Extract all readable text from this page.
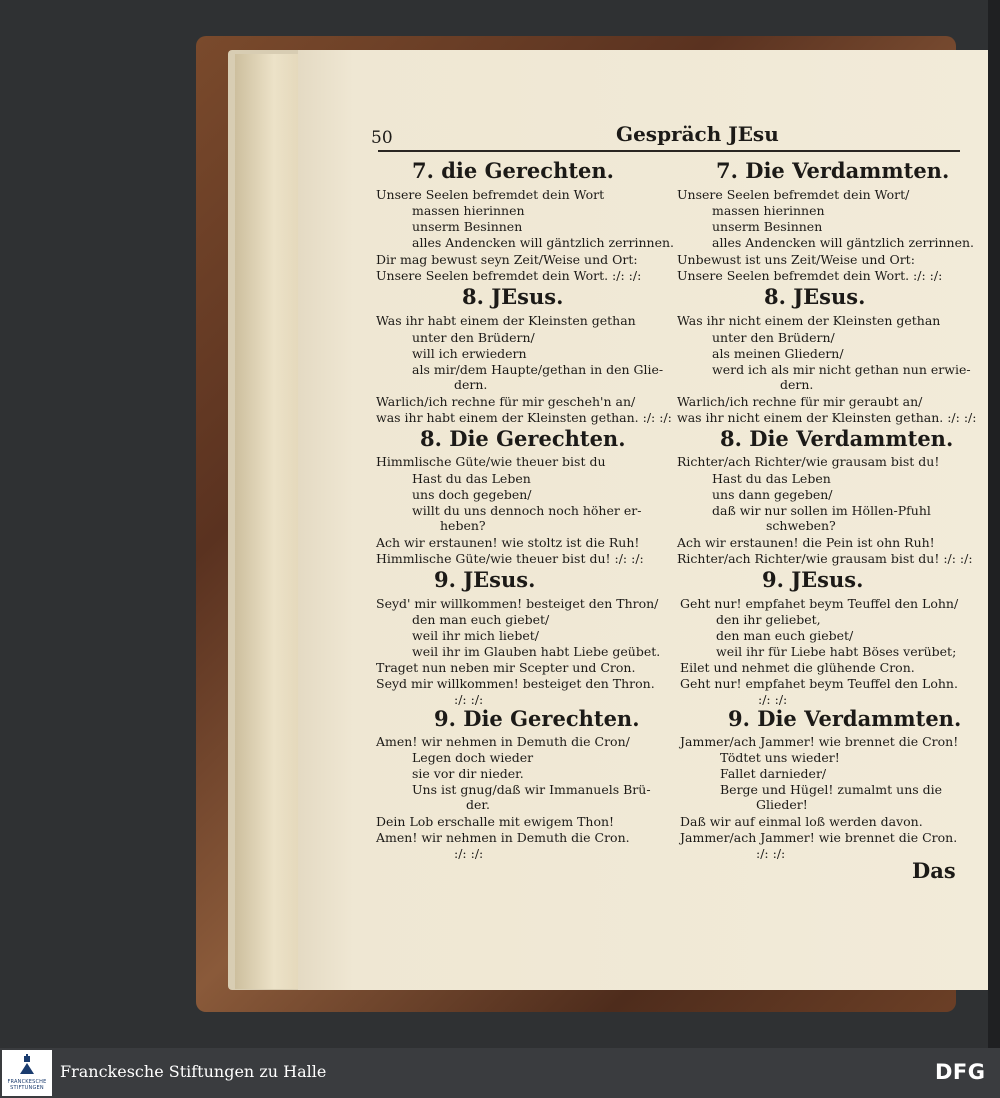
50	Gespräch JEsu
7. die Gerechten.
Unsere Seelen befremdet dein Wort
massen hierinnen
unserm Besinnen
alles Andencken will gäntzlich zerrinnen.
Dir mag bewust seyn Zeit/Weise und Ort:
Unsere Seelen befremdet dein Wort. :/: :/:
8. JEsus.
Was ihr habt einem der Kleinsten gethan
unter den Brüdern/
will ich erwiedern
als mir/dem Haupte/gethan in den Glie-
dern.
Warlich/ich rechne für mir gescheh'n an/
was ihr habt einem der Kleinsten gethan. :/: :/:
8. Die Gerechten.
Himmlische Güte/wie theuer bist du
Hast du das Leben
uns doch gegeben/
willt du uns dennoch noch höher er-
heben?
Ach wir erstaunen! wie stoltz ist die Ruh!
Himmlische Güte/wie theuer bist du! :/: :/:
9. JEsus.
Seyd' mir willkommen! besteiget den Thron/
den man euch giebet/
weil ihr mich liebet/
weil ihr im Glauben habt Liebe geübet.
Traget nun neben mir Scepter und Cron.
Seyd mir willkommen! besteiget den Thron.
:/: :/:
9. Die Gerechten.
Amen! wir nehmen in Demuth die Cron/
Legen doch wieder
sie vor dir nieder.
Uns ist gnug/daß wir Immanuels Brü-
der.
Dein Lob erschalle mit ewigem Thon!
Amen! wir nehmen in Demuth die Cron.
:/: :/:
7. Die Verdammten.
Unsere Seelen befremdet dein Wort/
massen hierinnen
unserm Besinnen
alles Andencken will gäntzlich zerrinnen.
Unbewust ist uns Zeit/Weise und Ort:
Unsere Seelen befremdet dein Wort. :/: :/:
8. JEsus.
Was ihr nicht einem der Kleinsten gethan
unter den Brüdern/
als meinen Gliedern/
werd ich als mir nicht gethan nun erwie-
dern.
Warlich/ich rechne für mir geraubt an/
was ihr nicht einem der Kleinsten gethan. :/: :/:
8. Die Verdammten.
Richter/ach Richter/wie grausam bist du!
Hast du das Leben
uns dann gegeben/
daß wir nur sollen im Höllen-Pfuhl
schweben?
Ach wir erstaunen! die Pein ist ohn Ruh!
Richter/ach Richter/wie grausam bist du! :/: :/:
9. JEsus.
Geht nur! empfahet beym Teuffel den Lohn/
den ihr geliebet,
den man euch giebet/
weil ihr für Liebe habt Böses verübet;
Eilet und nehmet die glühende Cron.
Geht nur! empfahet beym Teuffel den Lohn.
:/: :/:
9. Die Verdammten.
Jammer/ach Jammer! wie brennet die Cron!
Tödtet uns wieder!
Fallet darnieder/
Berge und Hügel! zumalmt uns die
Glieder!
Daß wir auf einmal loß werden davon.
Jammer/ach Jammer! wie brennet die Cron.
:/: :/:
Das
FRANCKESCHE STIFTUNGEN
Franckesche Stiftungen zu Halle	DFG
